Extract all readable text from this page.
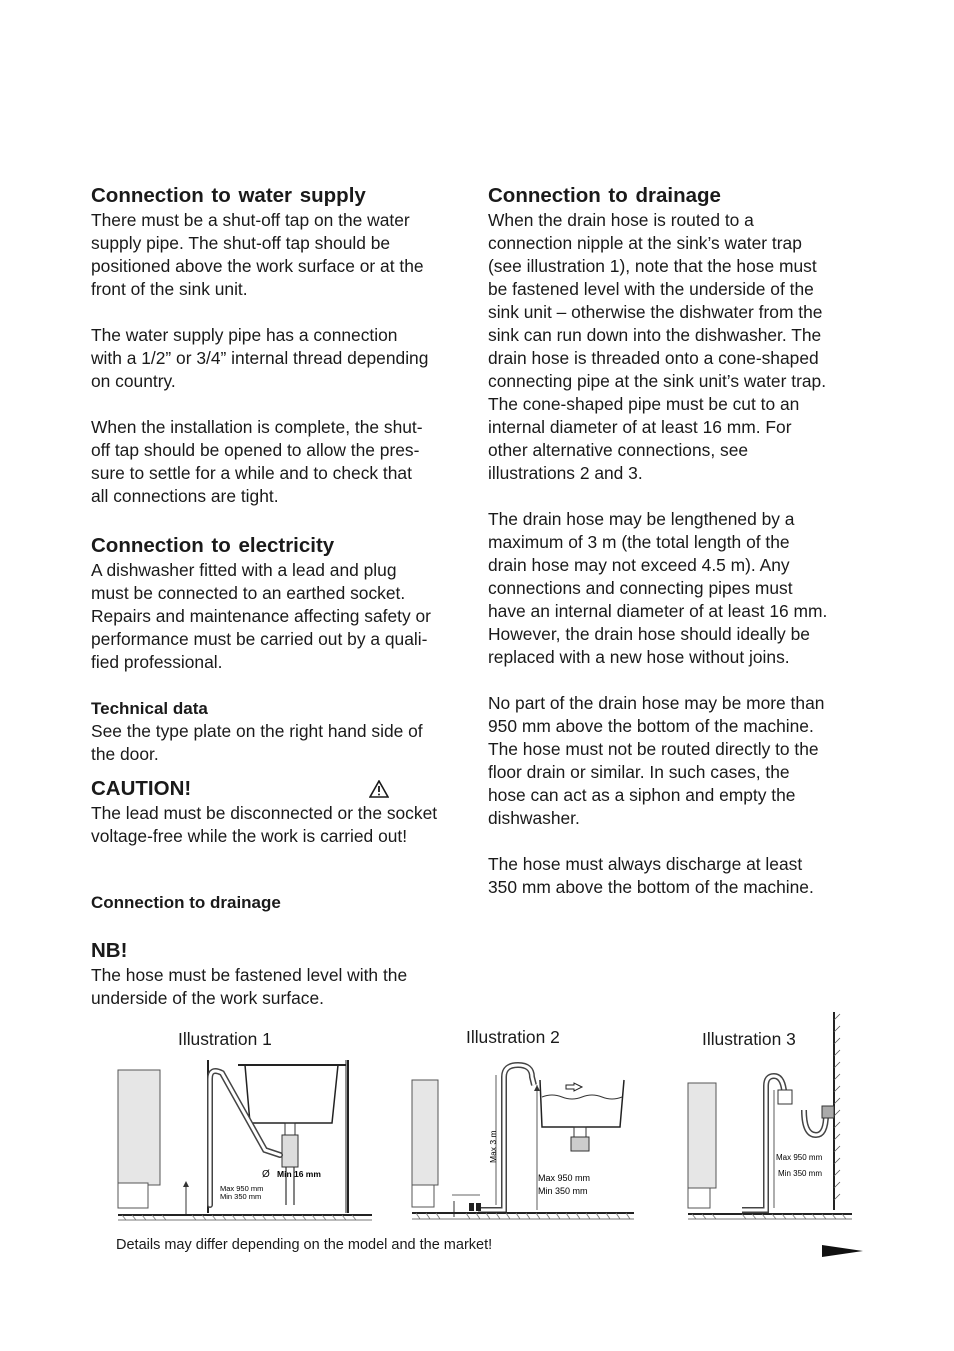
Connection to water supply

There must be a shut-off tap on the water
supply pipe. The shut-off tap should be
positioned above the work surface or at the
front of the sink unit.

The water supply pipe has a connection
with a 1/2” or 3/4” internal thread depending
on country.

When the installation is complete, the shut-
off tap should be opened to allow the pres-
sure to settle for a while and to check that
all connections are tight.

Connection to electricity

A dishwasher fitted with a lead and plug
must be connected to an earthed socket.
Repairs and maintenance affecting safety or
performance must be carried out by a quali-
fied professional.

Technical data

See the type plate on the right hand side of
the door.

CAUTION!

The lead must be disconnected or the socket
voltage-free while the work is carried out!

Connection to drainage
NB!

The hose must be fastened level with the
underside of the work surface.

Connection to drainage

When the drain hose is routed to a
connection nipple at the sink’s water trap
(see illustration 1), note that the hose must
be fastened level with the underside of the
sink unit – otherwise the dishwater from the
sink can run down into the dishwasher. The
drain hose is threaded onto a cone-shaped
connecting pipe at the sink unit’s water trap.
The cone-shaped pipe must be cut to an
internal diameter of at least 16 mm. For
other alternative connections, see
illustrations 2 and 3.

The drain hose may be lengthened by a
maximum of 3 m (the total length of the
drain hose may not exceed 4.5 m). Any
connections and connecting pipes must
have an internal diameter of at least 16 mm.
However, the drain hose should ideally be
replaced with a new hose without joins.

No part of the drain hose may be more than
950 mm above the bottom of the machine.
The hose must not be routed directly to the
floor drain or similar. In such cases, the
hose can act as a siphon and empty the
dishwasher.

The hose must always discharge at least
350 mm above the bottom of the machine.

Illustration 1	Illustration 2	Illustration 3
Ø Min 16 mm
Max 950 mm
Min 350 mm
Max 3 m
Max 950 mm
Min 350 mm
Max 950 mm
Min 350 mm
Details may differ depending on the model and the market!
